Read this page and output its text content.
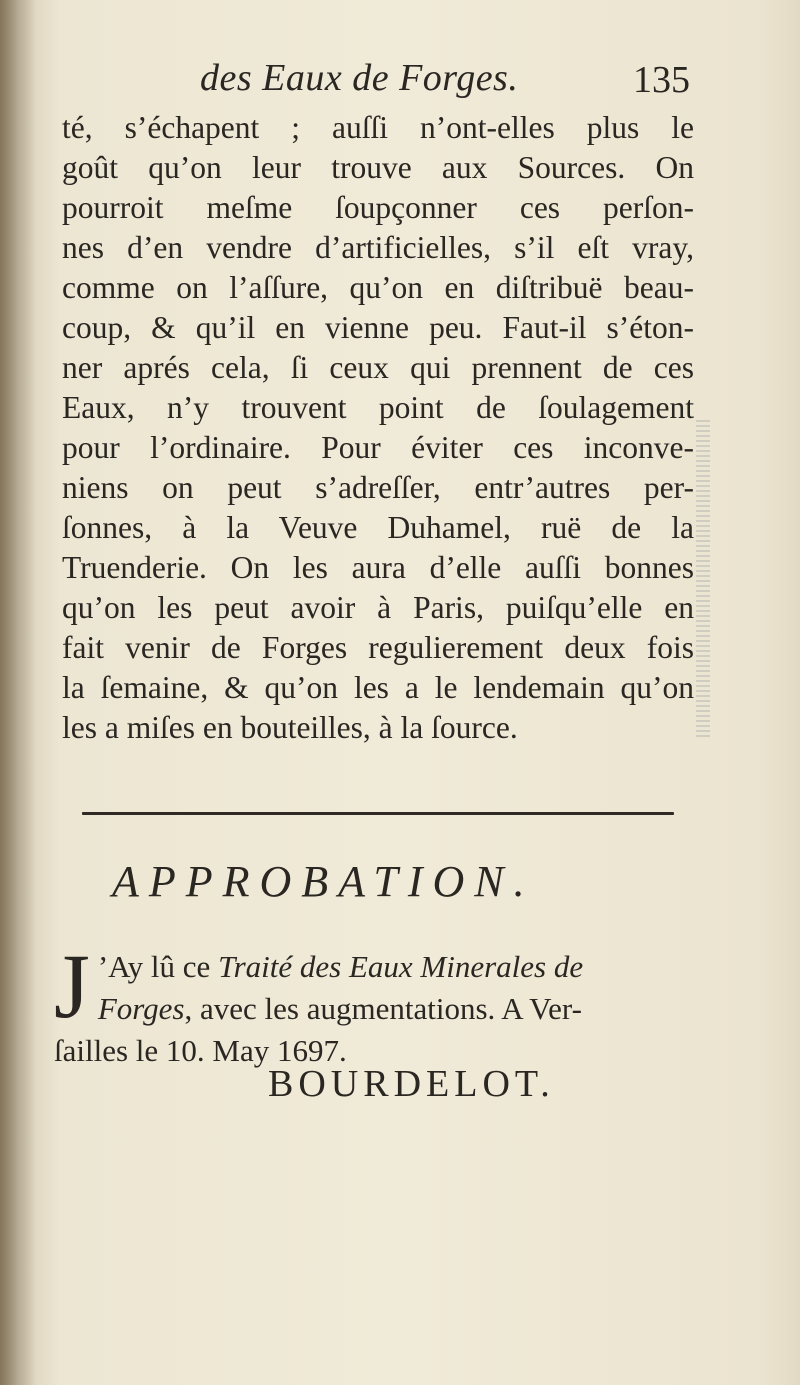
des Eaux de Forges.	135

té, s’échapent ; auſſi n’ont-elles plus le
goût qu’on leur trouve aux Sources. On
pourroit meſme ſoupçonner ces perſon-
nes d’en vendre d’artificielles, s’il eſt vray,
comme on l’aſſure, qu’on en diſtribuë beau-
coup, & qu’il en vienne peu. Faut-il s’éton-
ner aprés cela, ſi ceux qui prennent de ces
Eaux, n’y trouvent point de ſoulagement
pour l’ordinaire. Pour éviter ces inconve-
niens on peut s’adreſſer, entr’autres per-
ſonnes, à la Veuve Duhamel, ruë de la
Truenderie. On les aura d’elle auſſi bonnes
qu’on les peut avoir à Paris, puiſqu’elle en
fait venir de Forges regulierement deux fois
la ſemaine, & qu’on les a le lendemain qu’on
les a miſes en bouteilles, à la ſource.

APPROBATION.
J ’Ay lû ce Traité des Eaux Minerales de
Forges, avec les augmentations. A Ver-
ſailles le 10. May 1697.
BOURDELOT.
